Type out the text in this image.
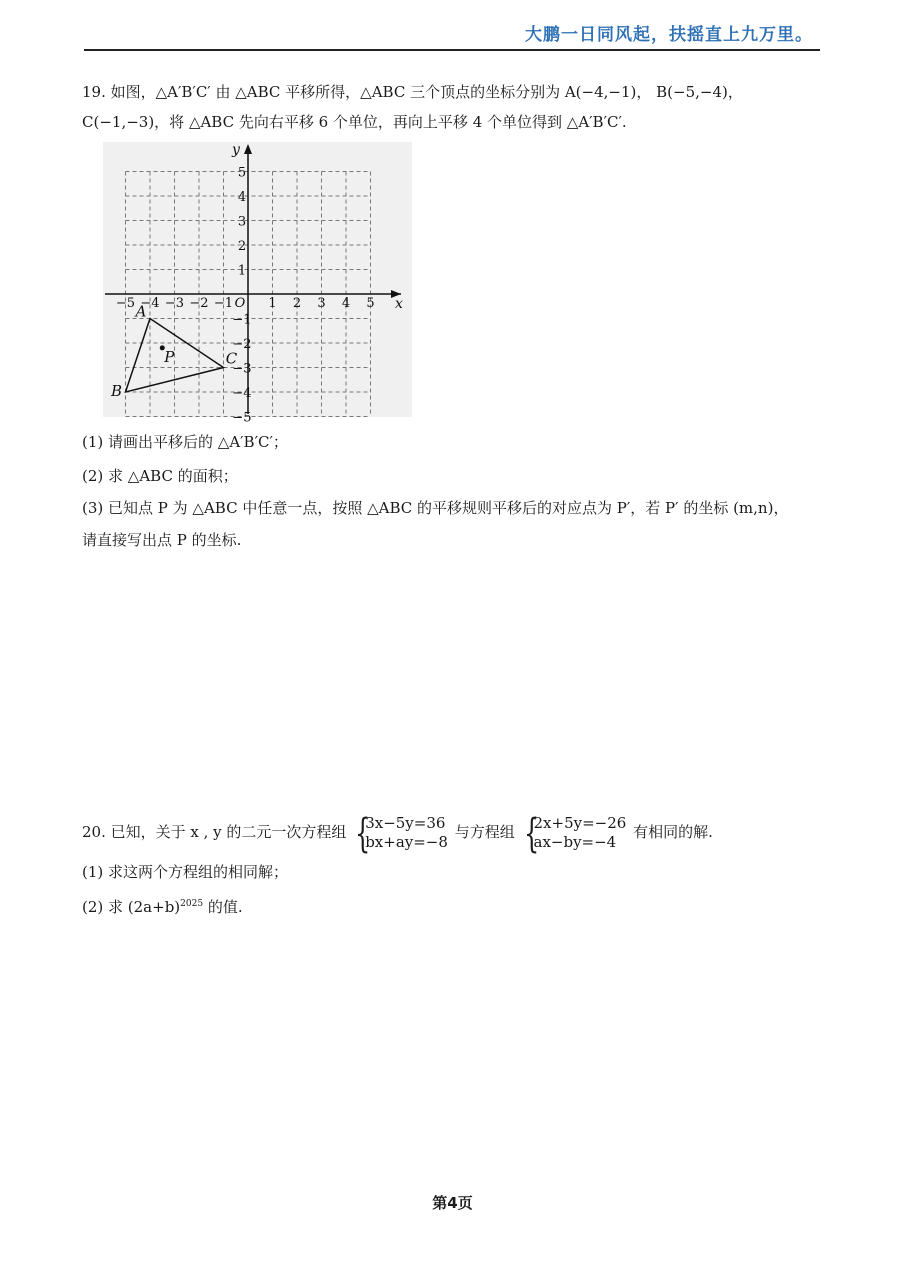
大鹏一日同风起，扶摇直上九万里。
19. 如图，△A′B′C′ 由 △ABC 平移所得，△ABC 三个顶点的坐标分别为 A(−4,−1)， B(−5,−4)，
C(−1,−3)，将 △ABC 先向右平移 6 个单位，再向上平移 4 个单位得到 △A′B′C′.
x
y
O
−5 −4 −3 −2 −1	1 2 3 4 5
5
4
3
2
1
−1
−2
−3
−4
−5
A
B
C
P
(1) 请画出平移后的 △A′B′C′；
(2) 求 △ABC 的面积；
(3) 已知点 P 为 △ABC 中任意一点，按照 △ABC 的平移规则平移后的对应点为 P′，若 P′ 的坐标 (m,n)，
请直接写出点 P 的坐标.
20. 已知，关于 x , y 的二元一次方程组 {
3x−5y=36
bx+ay=−8
与方程组 {
2x+5y=−26
ax−by=−4
有相同的解.
(1) 求这两个方程组的相同解；
(2) 求 $(2a+b)^{2025}$ 的值.
第4页
